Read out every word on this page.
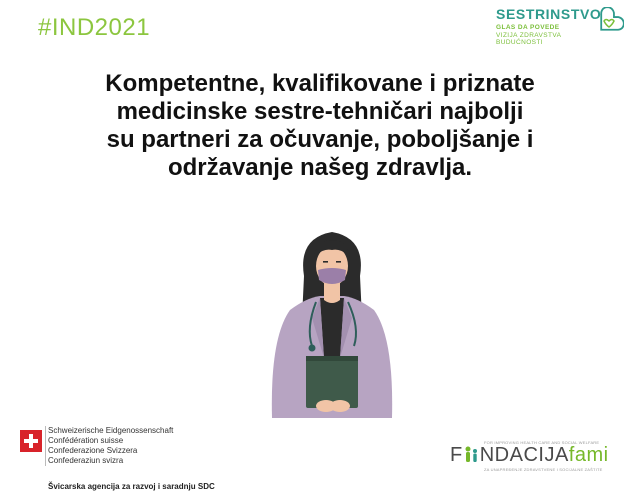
#IND2021	SESTRINSTVO
GLAS DA POVEDE
VIZIJA ZDRAVSTVA
BUDUĆNOSTI
Kompetentne, kvalifikovane i priznate
medicinske sestre-tehničari najbolji
su partneri za očuvanje, poboljšanje i
održavanje našeg zdravlja.
Schweizerische Eidgenossenschaft
Confédération suisse
Confederazione Svizzera
Confederaziun svizra
Švicarska agencija za razvoj i saradnju SDC
FOR IMPROVING HEALTH CARE AND SOCIAL WELFARE
F NDACIJAfami
ZA UNAPREĐENJE ZDRAVSTVENE I SOCIJALNE ZAŠTITE
